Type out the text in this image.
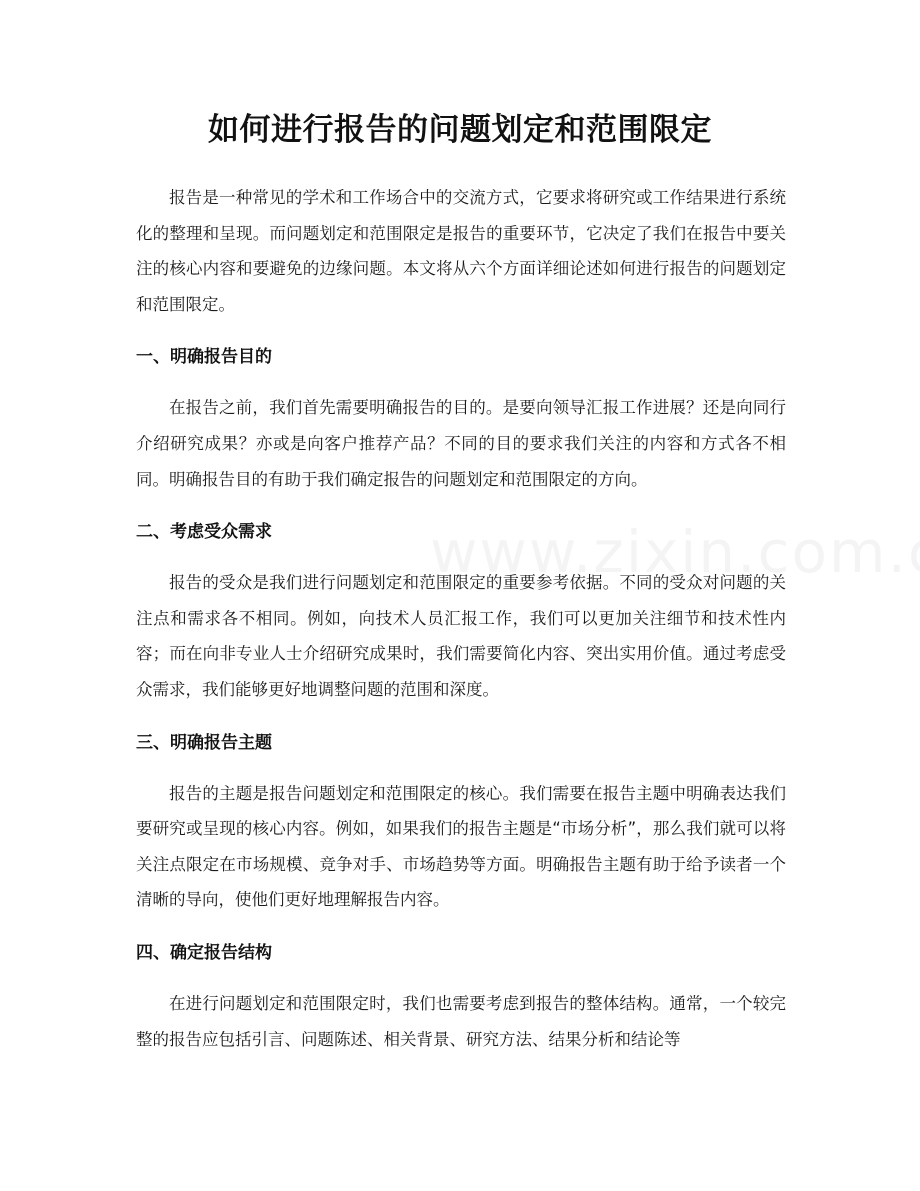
如何进行报告的问题划定和范围限定

报告是一种常见的学术和工作场合中的交流方式，它要求将研究或工作结果进行系统化的整理和呈现。而问题划定和范围限定是报告的重要环节，它决定了我们在报告中要关注的核心内容和要避免的边缘问题。本文将从六个方面详细论述如何进行报告的问题划定和范围限定。

一、明确报告目的

在报告之前，我们首先需要明确报告的目的。是要向领导汇报工作进展？还是向同行介绍研究成果？亦或是向客户推荐产品？不同的目的要求我们关注的内容和方式各不相同。明确报告目的有助于我们确定报告的问题划定和范围限定的方向。

二、考虑受众需求

报告的受众是我们进行问题划定和范围限定的重要参考依据。不同的受众对问题的关注点和需求各不相同。例如，向技术人员汇报工作，我们可以更加关注细节和技术性内容；而在向非专业人士介绍研究成果时，我们需要简化内容、突出实用价值。通过考虑受众需求，我们能够更好地调整问题的范围和深度。

三、明确报告主题

报告的主题是报告问题划定和范围限定的核心。我们需要在报告主题中明确表达我们要研究或呈现的核心内容。例如，如果我们的报告主题是“市场分析”，那么我们就可以将关注点限定在市场规模、竞争对手、市场趋势等方面。明确报告主题有助于给予读者一个清晰的导向，使他们更好地理解报告内容。

四、确定报告结构

在进行问题划定和范围限定时，我们也需要考虑到报告的整体结构。通常，一个较完整的报告应包括引言、问题陈述、相关背景、研究方法、结果分析和结论等
